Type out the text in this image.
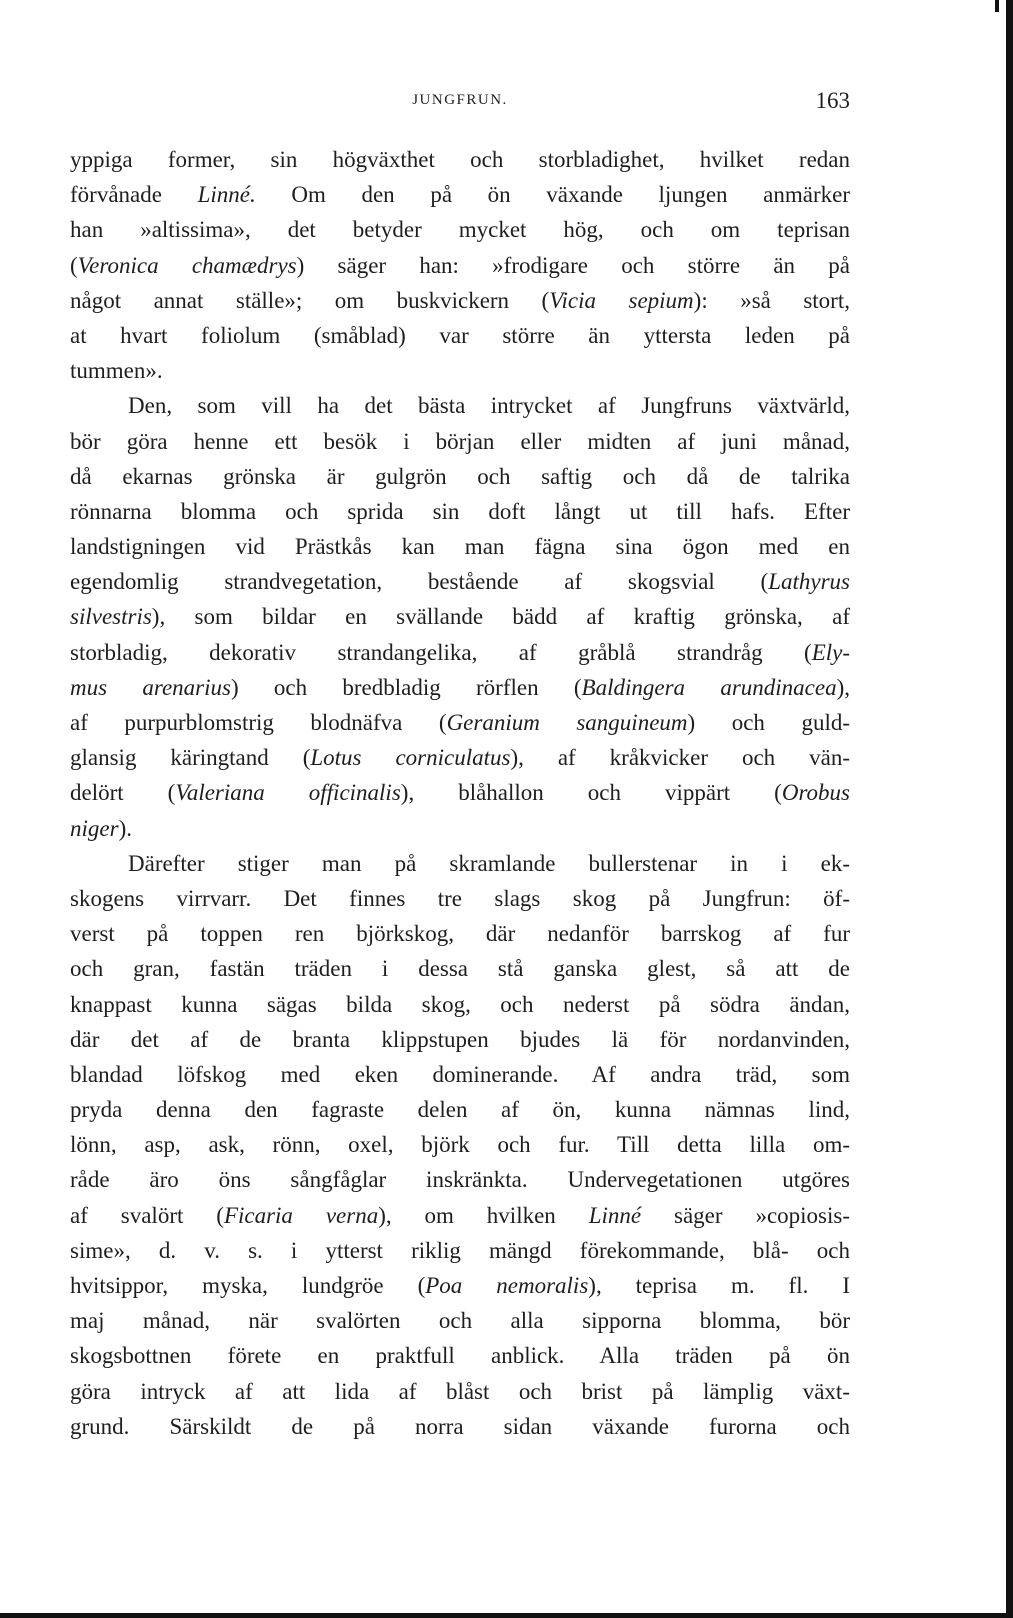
JUNGFRUN.	163
yppiga former, sin högväxthet och storbladighet, hvilket redan
förvånade Linné. Om den på ön växande ljungen anmärker
han »altissima», det betyder mycket hög, och om teprisan
(Veronica chamædrys) säger han: »frodigare och större än på
något annat ställe»; om buskvickern (Vicia sepium): »så stort,
at hvart foliolum (småblad) var större än yttersta leden på
tummen».
Den, som vill ha det bästa intrycket af Jungfruns växtvärld,
bör göra henne ett besök i början eller midten af juni månad,
då ekarnas grönska är gulgrön och saftig och då de talrika
rönnarna blomma och sprida sin doft långt ut till hafs. Efter
landstigningen vid Prästkås kan man fägna sina ögon med en
egendomlig strandvegetation, bestående af skogsvial (Lathyrus
silvestris), som bildar en svällande bädd af kraftig grönska, af
storbladig, dekorativ strandangelika, af gråblå strandråg (Ely-
mus arenarius) och bredbladig rörflen (Baldingera arundinacea),
af purpurblomstrig blodnäfva (Geranium sanguineum) och guld-
glansig käringtand (Lotus corniculatus), af kråkvicker och vän-
delört (Valeriana officinalis), blåhallon och vippärt (Orobus
niger).
Därefter stiger man på skramlande bullerstenar in i ek-
skogens virrvarr. Det finnes tre slags skog på Jungfrun: öf-
verst på toppen ren björkskog, där nedanför barrskog af fur
och gran, fastän träden i dessa stå ganska glest, så att de
knappast kunna sägas bilda skog, och nederst på södra ändan,
där det af de branta klippstupen bjudes lä för nordanvinden,
blandad löfskog med eken dominerande. Af andra träd, som
pryda denna den fagraste delen af ön, kunna nämnas lind,
lönn, asp, ask, rönn, oxel, björk och fur. Till detta lilla om-
råde äro öns sångfåglar inskränkta. Undervegetationen utgöres
af svalört (Ficaria verna), om hvilken Linné säger »copiosis-
sime», d. v. s. i ytterst riklig mängd förekommande, blå- och
hvitsippor, myska, lundgröe (Poa nemoralis), teprisa m. fl. I
maj månad, när svalörten och alla sipporna blomma, bör
skogsbottnen förete en praktfull anblick. Alla träden på ön
göra intryck af att lida af blåst och brist på lämplig växt-
grund. Särskildt de på norra sidan växande furorna och
